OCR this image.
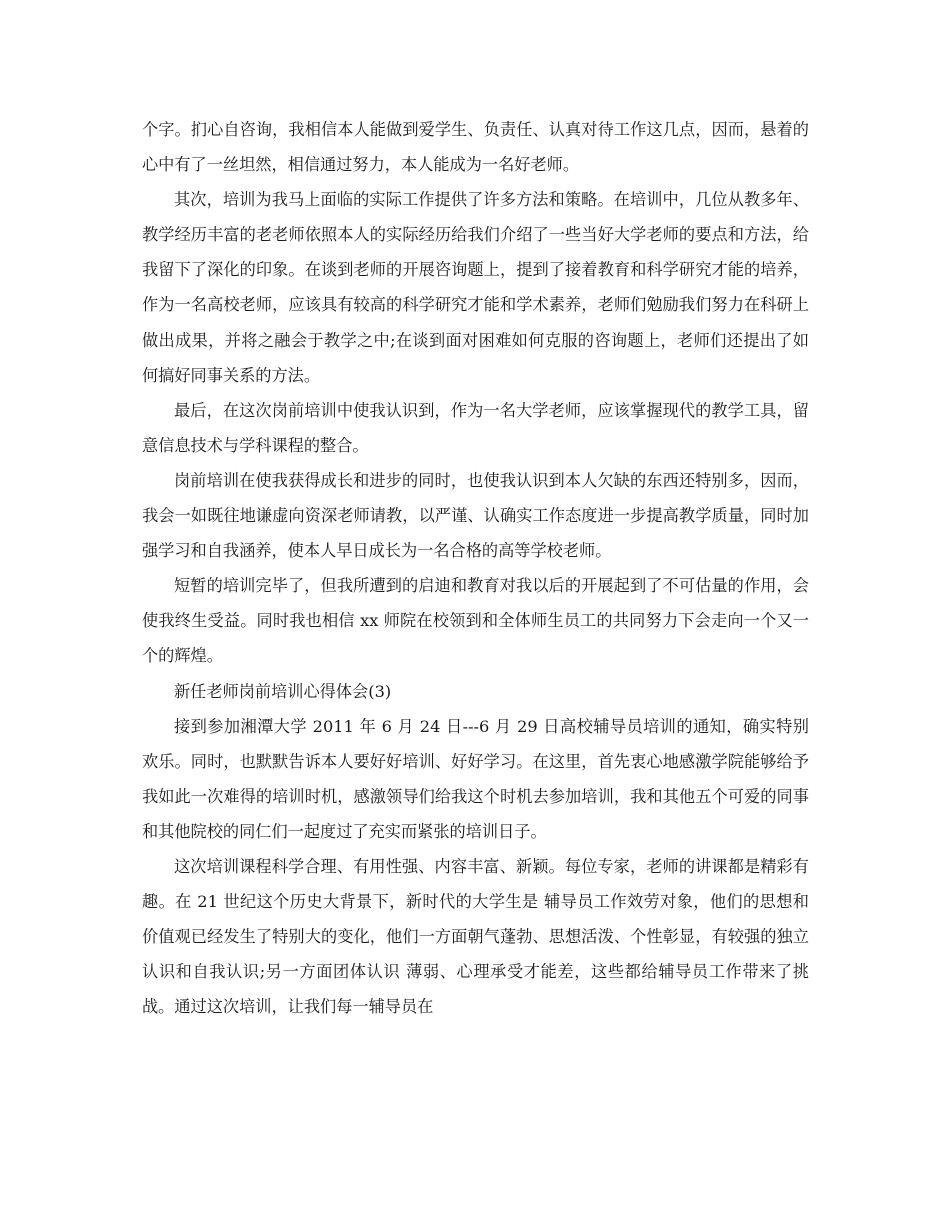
个字。扪心自咨询，我相信本人能做到爱学生、负责任、认真对待工作这几点，因而，悬着的心中有了一丝坦然，相信通过努力，本人能成为一名好老师。

其次，培训为我马上面临的实际工作提供了许多方法和策略。在培训中，几位从教多年、教学经历丰富的老老师依照本人的实际经历给我们介绍了一些当好大学老师的要点和方法，给我留下了深化的印象。在谈到老师的开展咨询题上，提到了接着教育和科学研究才能的培养，作为一名高校老师，应该具有较高的科学研究才能和学术素养，老师们勉励我们努力在科研上做出成果，并将之融会于教学之中;在谈到面对困难如何克服的咨询题上，老师们还提出了如何搞好同事关系的方法。

最后，在这次岗前培训中使我认识到，作为一名大学老师，应该掌握现代的教学工具，留意信息技术与学科课程的整合。

岗前培训在使我获得成长和进步的同时，也使我认识到本人欠缺的东西还特别多，因而，我会一如既往地谦虚向资深老师请教，以严谨、认确实工作态度进一步提高教学质量，同时加强学习和自我涵养，使本人早日成长为一名合格的高等学校老师。

短暂的培训完毕了，但我所遭到的启迪和教育对我以后的开展起到了不可估量的作用，会使我终生受益。同时我也相信 xx 师院在校领到和全体师生员工的共同努力下会走向一个又一个的辉煌。

新任老师岗前培训心得体会(3)

接到参加湘潭大学 2011 年 6 月 24 日---6 月 29 日高校辅导员培训的通知，确实特别欢乐。同时，也默默告诉本人要好好培训、好好学习。在这里，首先衷心地感激学院能够给予我如此一次难得的培训时机，感激领导们给我这个时机去参加培训，我和其他五个可爱的同事和其他院校的同仁们一起度过了充实而紧张的培训日子。

这次培训课程科学合理、有用性强、内容丰富、新颖。每位专家，老师的讲课都是精彩有趣。在 21 世纪这个历史大背景下，新时代的大学生是 辅导员工作效劳对象，他们的思想和价值观已经发生了特别大的变化，他们一方面朝气蓬勃、思想活泼、个性彰显，有较强的独立认识和自我认识;另一方面团体认识 薄弱、心理承受才能差，这些都给辅导员工作带来了挑战。通过这次培训，让我们每一辅导员在
